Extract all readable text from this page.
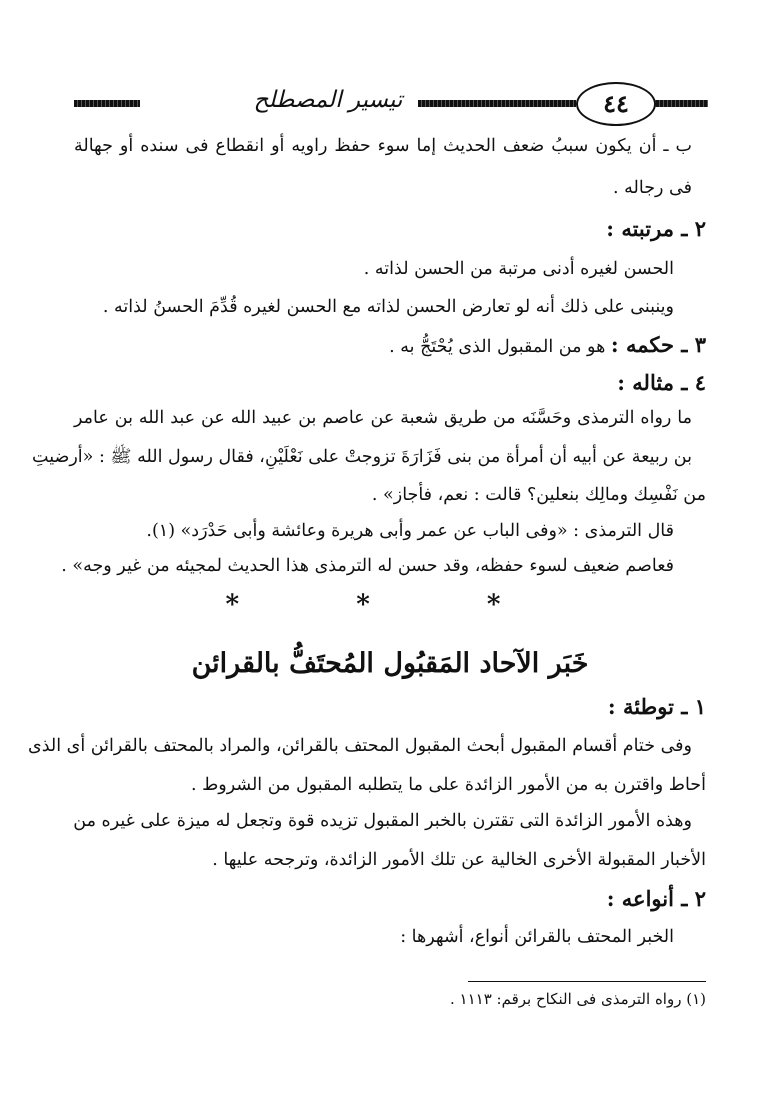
تيسير المصطلح	٤٤
ب ـ أن يكون سببُ ضعف الحديث إما سوء حفظ راويه أو انقطاع فى سنده أو جهالة
فى رجاله .
٢ ـ مرتبته :
الحسن لغيره أدنى مرتبة من الحسن لذاته .
وينبنى على ذلك أنه لو تعارض الحسن لذاته مع الحسن لغيره قُدِّمَ الحسنُ لذاته .
٣ ـ حكمه : هو من المقبول الذى يُحْتَجُّ به .
٤ ـ مثاله :
ما رواه الترمذى وحَسَّنَه من طريق شعبة عن عاصم بن عبيد الله عن عبد الله بن عامر
بن ربيعة عن أبيه أن أمرأة من بنى فَزَارَةَ تزوجتْ على نَعْلَيْنِ، فقال رسول الله ﷺ : «أرضيتِ
من نَفْسِك ومالِك بنعلين؟ قالت : نعم، فأجاز» .
قال الترمذى : «وفى الباب عن عمر وأبى هريرة وعائشة وأبى حَدْرَد» (١).
فعاصم ضعيف لسوء حفظه، وقد حسن له الترمذى هذا الحديث لمجيئه من غير وجه» .
* * *
خَبَر الآحاد المَقبُول المُحتَفُّ بالقرائن
١ ـ توطئة :
وفى ختام أقسام المقبول أبحث المقبول المحتف بالقرائن، والمراد بالمحتف بالقرائن أى الذى
أحاط واقترن به من الأمور الزائدة على ما يتطلبه المقبول من الشروط .
وهذه الأمور الزائدة التى تقترن بالخبر المقبول تزيده قوة وتجعل له ميزة على غيره من
الأخبار المقبولة الأخرى الخالية عن تلك الأمور الزائدة، وترجحه عليها .
٢ ـ أنواعه :
الخبر المحتف بالقرائن أنواع، أشهرها :
(١) رواه الترمذى فى النكاح برقم: ١١١٣ .
